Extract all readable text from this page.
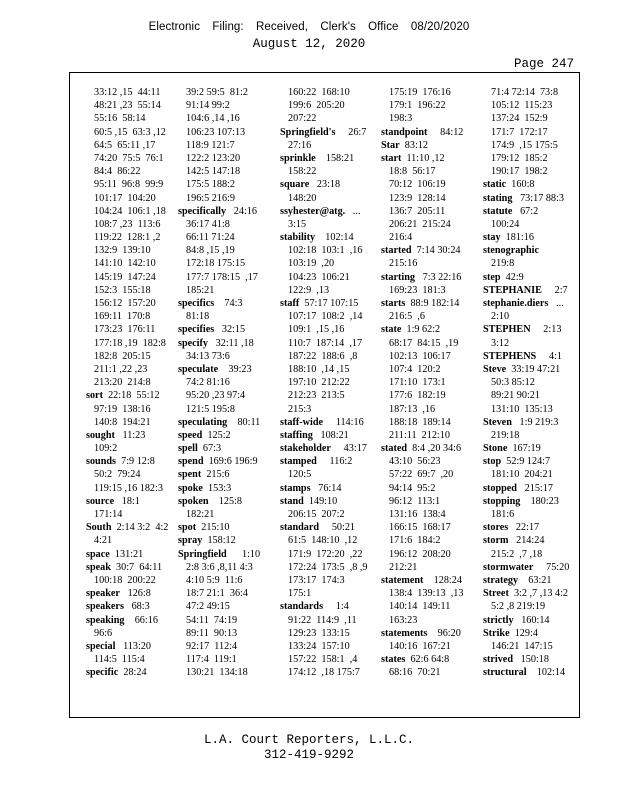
Electronic Filing: Received, Clerk's Office 08/20/2020
August 12, 2020
Page 247
33:12 ,15  44:11
48:21 ,23  55:14
55:16  58:14
60:5 ,15  63:3 ,12
64:5  65:11 ,17
74:20  75:5  76:1
84:4  86:22
95:11  96:8  99:9
101:17  104:20
104:24  106:1 ,18
108:7 ,23  113:6
119:22  128:1 ,2
132:9  139:10
141:10  142:10
145:19  147:24
152:3  155:18
156:12  157:20
169:11  170:8
173:23  176:11
177:18 ,19  182:8
182:8  205:15
211:1 ,22 ,23
213:20  214:8
sort  22:18  55:12
97:19  138:16
140:8  194:21
sought   11:23
109:2
sounds  7:9 12:8
50:2  79:24
119:15 ,16 182:3
source   18:1
171:14
South  2:14 3:2  4:2
4:21
space  131:21
speak  30:7  64:11
100:18  200:22
speaker   126:8
speakers   68:3
speaking    66:16
96:6
special   113:20
114:5  115:4
specific  28:24
39:2 59:5  81:2
91:14 99:2
104:6 ,14 ,16
106:23 107:13
118:9 121:7
122:2 123:20
142:5 147:18
175:5 188:2
196:5 216:9
specifically   24:16
36:17 41:8
66:11 71:24
84:8 ,15 ,19
172:18 175:15
177:7 178:15  ,17
185:21
specifics    74:3
81:18
specifies   32:15
specify   32:11 ,18
34:13 73:6
speculate    39:23
74:2 81:16
95:20 ,23 97:4
121:5 195:8
speculating    80:11
speed  125:2
spell  67:3
spend  169:6 196:9
spent  215:6
spoke  153:3
spoken    125:8
182:21
spot  215:10
spray  158:12
Springfield      1:10
2:8 3:6 ,8,11 4:3
4:10 5:9  11:6
18:7 21:1  36:4
47:2 49:15
54:11  74:19
89:11  90:13
92:17  112:4
117:4  119:1
130:21  134:18
160:22  168:10
199:6  205:20
207:22
Springfield's     26:7
27:16
sprinkle    158:21
158:22
square   23:18
148:20
ssyhester@atg.   ...
3:15
stability    102:14
102:18  103:1  ,16
103:19  ,20
104:23  106:21
122:9  ,13
staff  57:17 107:15
107:17  108:2  ,14
109:1  ,15 ,16
110:7  187:14  ,17
187:22  188:6  ,8
188:10  ,14 ,15
197:10  212:22
212:23  213:5
215:3
staff-wide     114:16
staffing   108:21
stakeholder     43:17
stamped     116:2
120:5
stamps   76:14
stand  149:10
206:15  207:2
standard     50:21
61:5  148:10  ,12
171:9  172:20  ,22
172:24  173:5  ,8 ,9
173:17  174:3
175:1
standards     1:4
91:22  114:9  ,11
129:23  133:15
133:24  157:10
157:22  158:1  ,4
174:12  ,18 175:7
175:19  176:16
179:1  196:22
198:3
standpoint     84:12
Star  83:12
start  11:10 ,12
18:8  56:17
70:12  106:19
123:9  128:14
136:7  205:11
206:21  215:24
216:4
started  7:14 30:24
215:16
starting   7:3 22:16
169:23  181:3
starts  88:9 182:14
216:5  ,6
state  1:9 62:2
68:17  84:15  ,19
102:13  106:17
107:4  120:2
171:10  173:1
177:6  182:19
187:13  ,16
188:18  189:14
211:11  212:10
stated  8:4 ,20 34:6
43:10  56:23
57:22  69:7  ,20
94:14  95:2
96:12  113:1
131:16  138:4
166:15  168:17
171:6  184:2
196:12  208:20
212:21
statement    128:24
138:4  139:13  ,13
140:14  149:11
163:23
statements    96:20
140:16  167:21
states  62:6 64:8
68:16  70:21
71:4 72:14  73:8
105:12  115:23
137:24  152:9
171:7  172:17
174:9  ,15 175:5
179:12  185:2
190:17  198:2
static  160:8
stating   73:17 88:3
statute   67:2
100:24
stay  181:16
stenographic
219:8
step  42:9
STEPHANIE     2:7
stephanie.diers   ...
2:10
STEPHEN     2:13
3:12
STEPHENS     4:1
Steve  33:19 47:21
50:3 85:12
89:21 90:21
131:10  135:13
Steven   1:9 219:3
219:18
Stone  167:19
stop  52:9 124:7
181:10  204:21
stopped   215:17
stopping    180:23
181:6
stores   22:17
storm   214:24
215:2  ,7 ,18
stormwater     75:20
strategy    63:21
Street  3:2 ,7 ,13 4:2
5:2 ,8 219:19
strictly   160:14
Strike  129:4
146:21  147:15
strived   150:18
structural    102:14
L.A. Court Reporters, L.L.C.
312-419-9292
